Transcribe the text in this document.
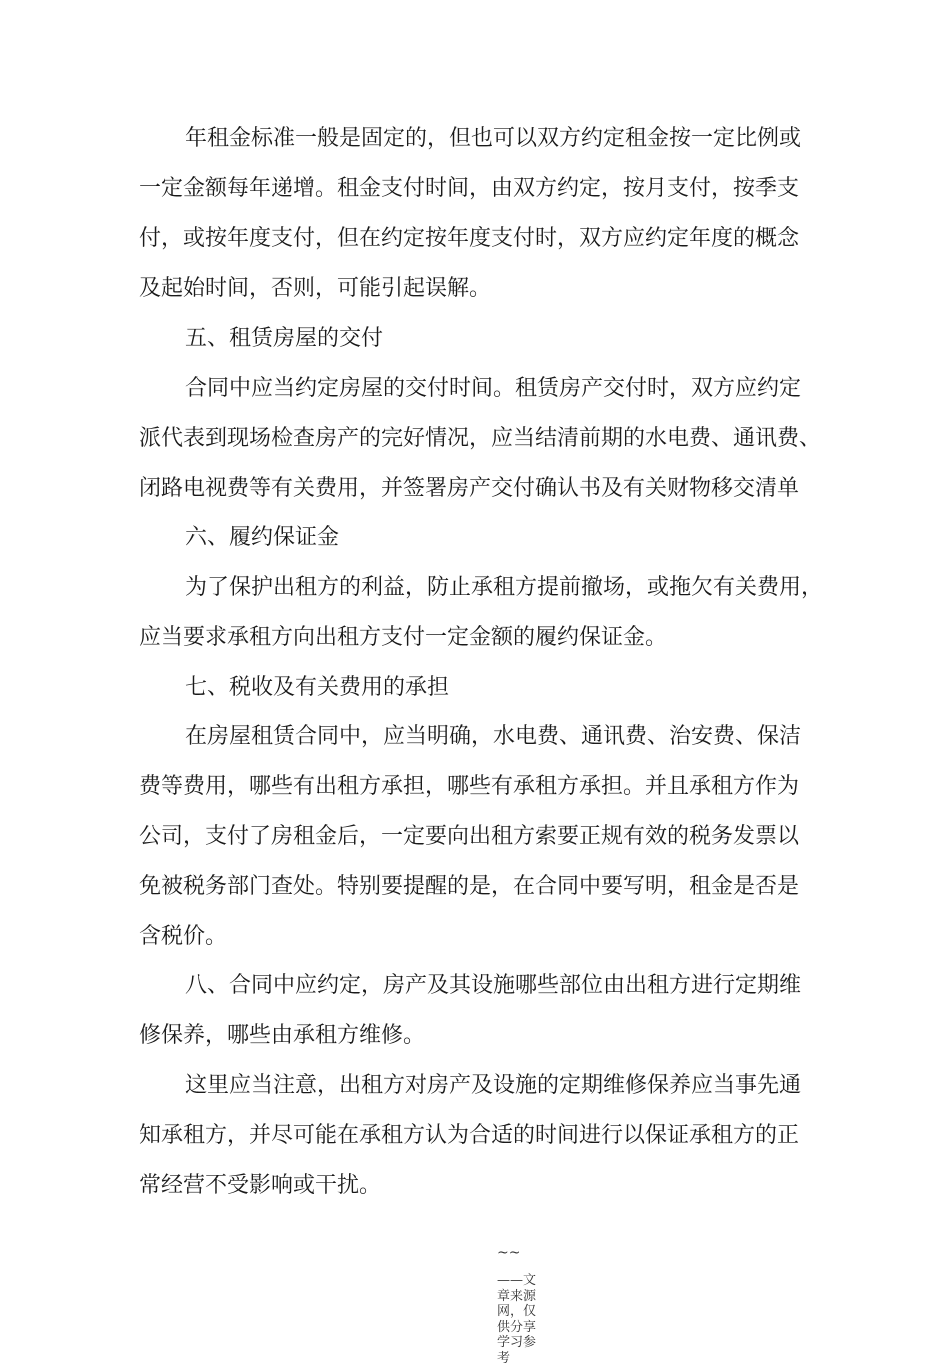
年租金标准一般是固定的，但也可以双方约定租金按一定比例或
一定金额每年递增。租金支付时间，由双方约定，按月支付，按季支
付，或按年度支付，但在约定按年度支付时，双方应约定年度的概念
及起始时间，否则，可能引起误解。
五、租赁房屋的交付
合同中应当约定房屋的交付时间。租赁房产交付时，双方应约定
派代表到现场检查房产的完好情况，应当结清前期的水电费、通讯费、
闭路电视费等有关费用，并签署房产交付确认书及有关财物移交清单
六、履约保证金
为了保护出租方的利益，防止承租方提前撤场，或拖欠有关费用，
应当要求承租方向出租方支付一定金额的履约保证金。
七、税收及有关费用的承担
在房屋租赁合同中，应当明确，水电费、通讯费、治安费、保洁
费等费用，哪些有出租方承担，哪些有承租方承担。并且承租方作为
公司，支付了房租金后，一定要向出租方索要正规有效的税务发票以
免被税务部门查处。特别要提醒的是，在合同中要写明，租金是否是
含税价。
八、合同中应约定，房产及其设施哪些部位由出租方进行定期维
修保养，哪些由承租方维修。
这里应当注意，出租方对房产及设施的定期维修保养应当事先通
知承租方，并尽可能在承租方认为合适的时间进行以保证承租方的正
常经营不受影响或干扰。
~~
——文章来源网，仅供分享学习参考
